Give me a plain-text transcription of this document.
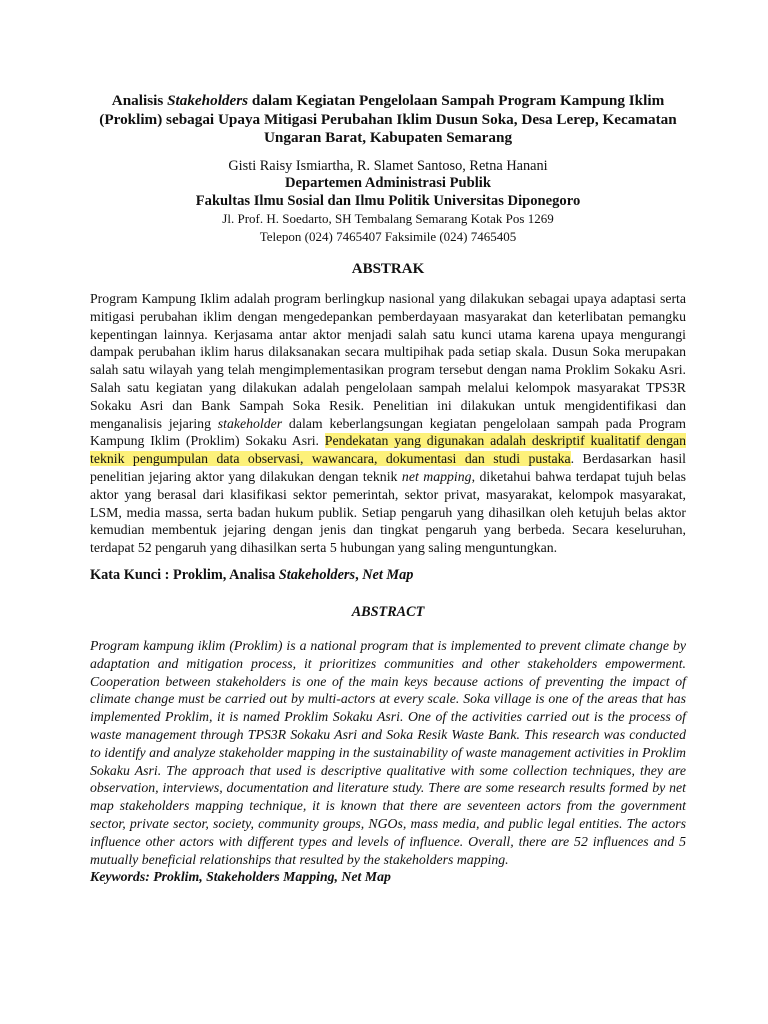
Analisis Stakeholders dalam Kegiatan Pengelolaan Sampah Program Kampung Iklim (Proklim) sebagai Upaya Mitigasi Perubahan Iklim Dusun Soka, Desa Lerep, Kecamatan Ungaran Barat, Kabupaten Semarang

Gisti Raisy Ismiartha, R. Slamet Santoso, Retna Hanani

Departemen Administrasi Publik

Fakultas Ilmu Sosial dan Ilmu Politik Universitas Diponegoro

Jl. Prof. H. Soedarto, SH Tembalang Semarang Kotak Pos 1269

Telepon (024) 7465407 Faksimile (024) 7465405

ABSTRAK

Program Kampung Iklim adalah program berlingkup nasional yang dilakukan sebagai upaya adaptasi serta mitigasi perubahan iklim dengan mengedepankan pemberdayaan masyarakat dan keterlibatan pemangku kepentingan lainnya. Kerjasama antar aktor menjadi salah satu kunci utama karena upaya mengurangi dampak perubahan iklim harus dilaksanakan secara multipihak pada setiap skala. Dusun Soka merupakan salah satu wilayah yang telah mengimplementasikan program tersebut dengan nama Proklim Sokaku Asri. Salah satu kegiatan yang dilakukan adalah pengelolaan sampah melalui kelompok masyarakat TPS3R Sokaku Asri dan Bank Sampah Soka Resik. Penelitian ini dilakukan untuk mengidentifikasi dan menganalisis jejaring stakeholder dalam keberlangsungan kegiatan pengelolaan sampah pada Program Kampung Iklim (Proklim) Sokaku Asri. Pendekatan yang digunakan adalah deskriptif kualitatif dengan teknik pengumpulan data observasi, wawancara, dokumentasi dan studi pustaka. Berdasarkan hasil penelitian jejaring aktor yang dilakukan dengan teknik net mapping, diketahui bahwa terdapat tujuh belas aktor yang berasal dari klasifikasi sektor pemerintah, sektor privat, masyarakat, kelompok masyarakat, LSM, media massa, serta badan hukum publik. Setiap pengaruh yang dihasilkan oleh ketujuh belas aktor kemudian membentuk jejaring dengan jenis dan tingkat pengaruh yang berbeda. Secara keseluruhan, terdapat 52 pengaruh yang dihasilkan serta 5 hubungan yang saling menguntungkan.

Kata Kunci : Proklim, Analisa Stakeholders, Net Map

ABSTRACT

Program kampung iklim (Proklim) is a national program that is implemented to prevent climate change by adaptation and mitigation process, it prioritizes communities and other stakeholders empowerment. Cooperation between stakeholders is one of the main keys because actions of preventing the impact of climate change must be carried out by multi-actors at every scale. Soka village is one of the areas that has implemented Proklim, it is named Proklim Sokaku Asri. One of the activities carried out is the process of waste management through TPS3R Sokaku Asri and Soka Resik Waste Bank. This research was conducted to identify and analyze stakeholder mapping in the sustainability of waste management activities in Proklim Sokaku Asri. The approach that used is descriptive qualitative with some collection techniques, they are observation, interviews, documentation and literature study. There are some research results formed by net map stakeholders mapping technique, it is known that there are seventeen actors from the government sector, private sector, society, community groups, NGOs, mass media, and public legal entities. The actors influence other actors with different types and levels of influence. Overall, there are 52 influences and 5 mutually beneficial relationships that resulted by the stakeholders mapping.

Keywords: Proklim, Stakeholders Mapping, Net Map
